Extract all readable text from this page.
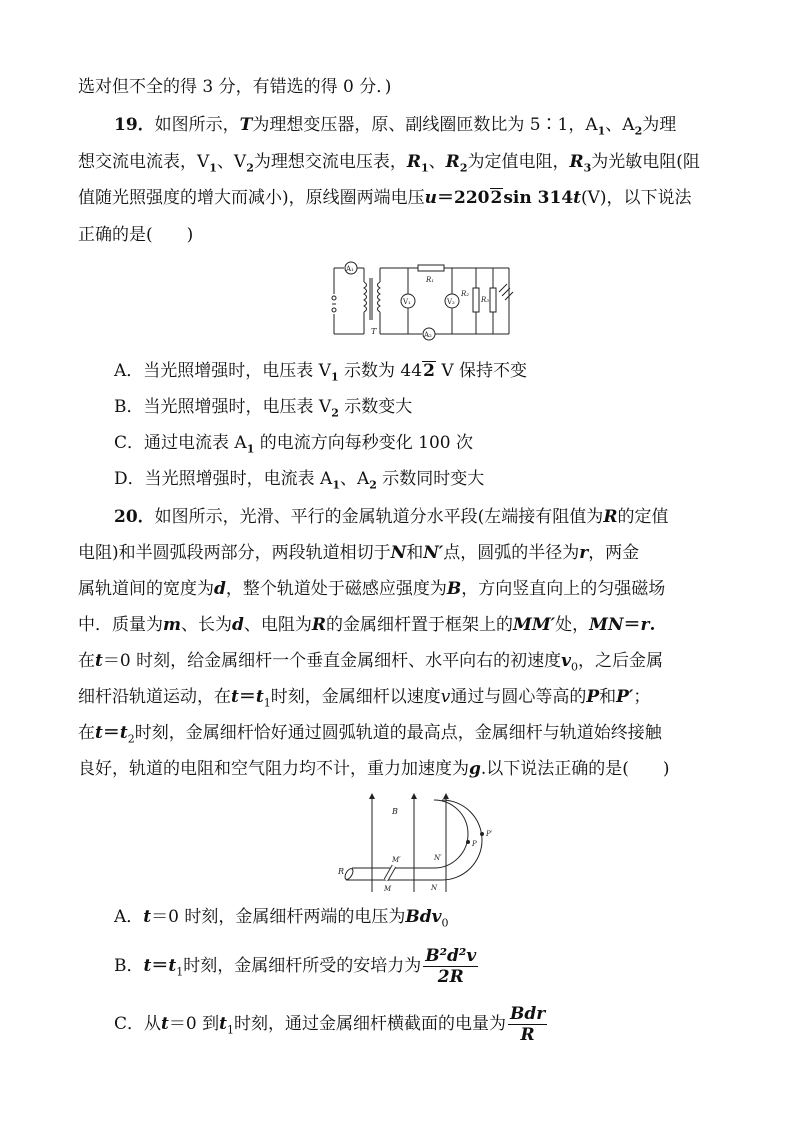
选对但不全的得 3 分，有错选的得 0 分．)
19．如图所示，T为理想变压器，原、副线圈匝数比为 5∶1，$A_1$、$A_2$为理
想交流电流表，$V_1$、$V_2$为理想交流电压表，$R_1$、$R_2$为定值电阻，$R_3$为光敏电阻(阻
值随光照强度的增大而减小)，原线圈两端电压u＝2202sin 314t(V)，以下说法
正确的是(　　)
A₁
T	A₂
V₁
R₁
V₂
R₂
R₃
A．当光照增强时，电压表 $V_1$ 示数为 442 V 保持不变
B．当光照增强时，电压表 $V_2$ 示数变大
C．通过电流表 $A_1$ 的电流方向每秒变化 100 次
D．当光照增强时，电流表 $A_1$、$A_2$ 示数同时变大
20．如图所示，光滑、平行的金属轨道分水平段(左端接有阻值为R的定值
电阻)和半圆弧段两部分，两段轨道相切于N和N′点，圆弧的半径为r，两金
属轨道间的宽度为d，整个轨道处于磁感应强度为B，方向竖直向上的匀强磁场
中．质量为m、长为d、电阻为R的金属细杆置于框架上的MM′处，MN＝r.
在t＝0 时刻，给金属细杆一个垂直金属细杆、水平向右的初速度$v_0$，之后金属
细杆沿轨道运动，在$t=t_1$时刻，金属细杆以速度v通过与圆心等高的P和P′；
在$t=t_2$时刻，金属细杆恰好通过圆弧轨道的最高点，金属细杆与轨道始终接触
良好，轨道的电阻和空气阻力均不计，重力加速度为g.以下说法正确的是(　　)
B
R
M′
M	N
N′
P
P′
A．t＝0 时刻，金属细杆两端的电压为Bdv$_0$
B．$t=t_1$时刻，金属细杆所受的安培力为 $\frac{\text{B²d²v}}{2R}$
C．从t＝0 到$t_1$时刻，通过金属细杆横截面的电量为 $\frac{\text{Bdr}}{R}$
